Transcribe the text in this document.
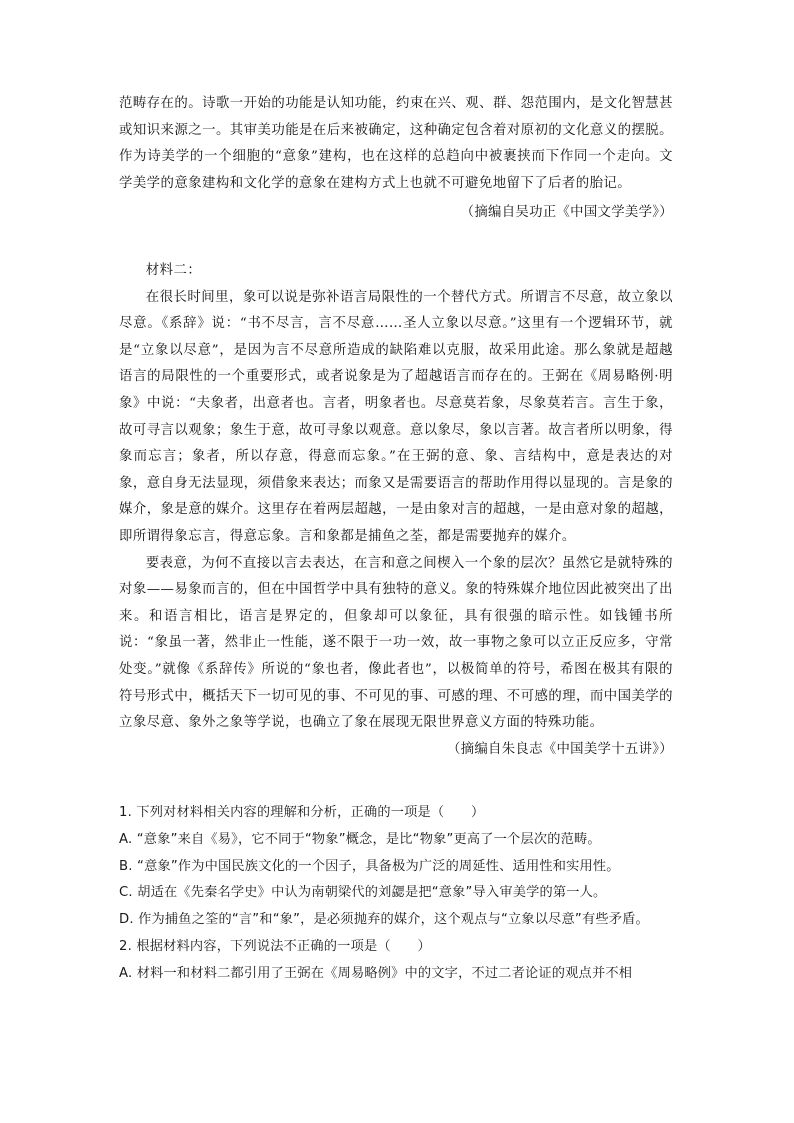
范畴存在的。诗歌一开始的功能是认知功能，约束在兴、观、群、怨范围内，是文化智慧甚或知识来源之一。其审美功能是在后来被确定，这种确定包含着对原初的文化意义的摆脱。作为诗美学的一个细胞的“意象”建构，也在这样的总趋向中被裹挟而下作同一个走向。文学美学的意象建构和文化学的意象在建构方式上也就不可避免地留下了后者的胎记。

（摘编自吴功正《中国文学美学》）

材料二：

在很长时间里，象可以说是弥补语言局限性的一个替代方式。所谓言不尽意，故立象以尽意。《系辞》说：“书不尽言，言不尽意……圣人立象以尽意。”这里有一个逻辑环节，就是“立象以尽意”，是因为言不尽意所造成的缺陷难以克服，故采用此途。那么象就是超越语言的局限性的一个重要形式，或者说象是为了超越语言而存在的。王弼在《周易略例·明象》中说：“夫象者，出意者也。言者，明象者也。尽意莫若象，尽象莫若言。言生于象，故可寻言以观象；象生于意，故可寻象以观意。意以象尽，象以言著。故言者所以明象，得象而忘言；象者，所以存意，得意而忘象。”在王弼的意、象、言结构中，意是表达的对象，意自身无法显现，须借象来表达；而象又是需要语言的帮助作用得以显现的。言是象的媒介，象是意的媒介。这里存在着两层超越，一是由象对言的超越，一是由意对象的超越，即所谓得象忘言，得意忘象。言和象都是捕鱼之荃，都是需要抛弃的媒介。

要表意，为何不直接以言去表达，在言和意之间楔入一个象的层次？虽然它是就特殊的对象——易象而言的，但在中国哲学中具有独特的意义。象的特殊媒介地位因此被突出了出来。和语言相比，语言是界定的，但象却可以象征，具有很强的暗示性。如钱锺书所说：“象虽一著，然非止一性能，遂不限于一功一效，故一事物之象可以立正反应多，守常处变。”就像《系辞传》所说的“象也者，像此者也”，以极简单的符号，希图在极其有限的符号形式中，概括天下一切可见的事、不可见的事、可感的理、不可感的理，而中国美学的立象尽意、象外之象等学说，也确立了象在展现无限世界意义方面的特殊功能。

（摘编自朱良志《中国美学十五讲》）

1. 下列对材料相关内容的理解和分析，正确的一项是（　　）

A. “意象”来自《易》，它不同于“物象”概念，是比“物象”更高了一个层次的范畴。

B. “意象”作为中国民族文化的一个因子，具备极为广泛的周延性、适用性和实用性。

C. 胡适在《先秦名学史》中认为南朝梁代的刘勰是把“意象”导入审美学的第一人。

D. 作为捕鱼之筌的“言”和“象”，是必须抛弃的媒介，这个观点与“立象以尽意”有些矛盾。

2. 根据材料内容，下列说法不正确的一项是（　　）

A. 材料一和材料二都引用了王弼在《周易略例》中的文字，不过二者论证的观点并不相
